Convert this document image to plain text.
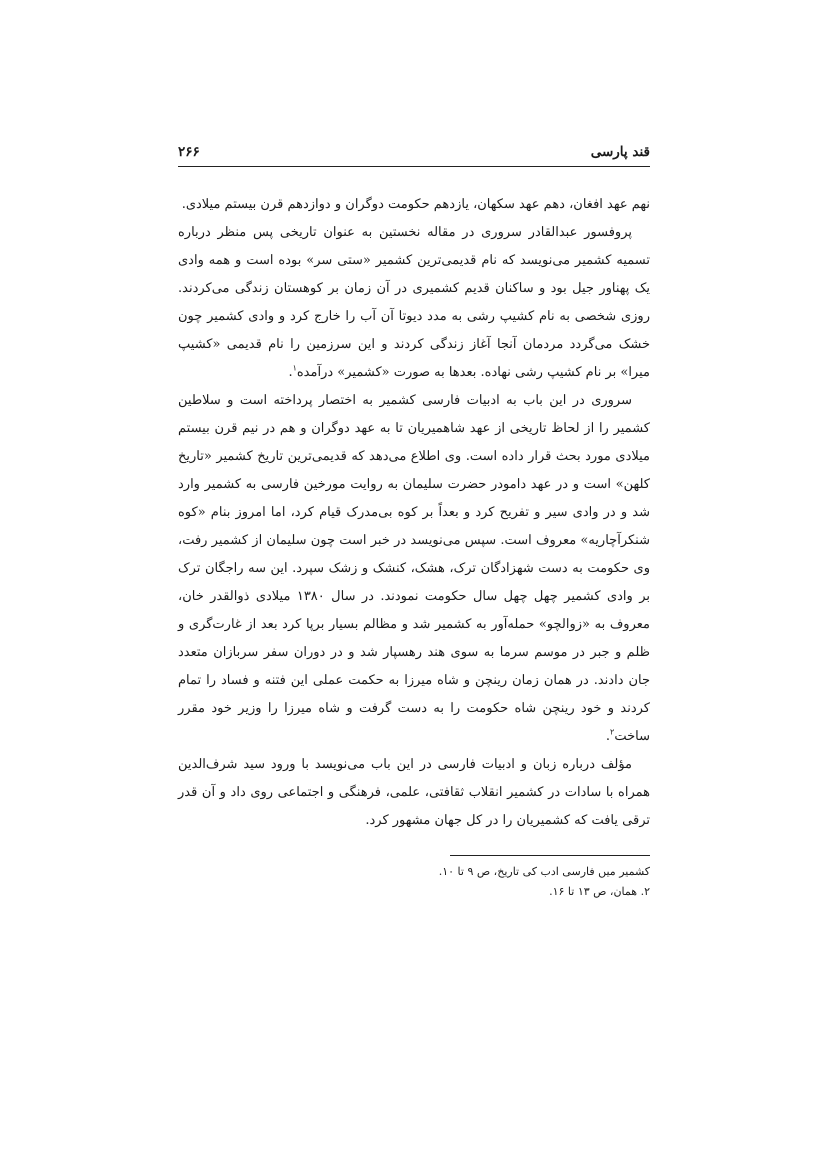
قند پارسی
۲۶۶

نهم عهد افغان، دهم عهد سکهان، یازدهم حکومت دوگران و دوازدهم قرن بیستم میلادی.

پروفسور عبدالقادر سروری در مقاله نخستین به عنوان تاریخی پس منظر درباره تسمیه کشمیر می‌نویسد که نام قدیمی‌ترین کشمیر «ستی سر» بوده است و همه وادی یک پهناور جیل بود و ساکنان قدیم کشمیری در آن زمان بر کوهستان زندگی می‌کردند. روزی شخصی به نام کشیپ رشی به مدد دیوتا آن آب را خارج کرد و وادی کشمیر چون خشک می‌گردد مردمان آنجا آغاز زندگی کردند و این سرزمین را نام قدیمی «کشیپ میرا» بر نام کشیپ رشی نهاده. بعدها به صورت «کشمیر» درآمده$^۱$.

سروری در این باب به ادبیات فارسی کشمیر به اختصار پرداخته است و سلاطین کشمیر را از لحاظ تاریخی از عهد شاهمیریان تا به عهد دوگران و هم در نیم قرن بیستم میلادی مورد بحث قرار داده است. وی اطلاع می‌دهد که قدیمی‌ترین تاریخ کشمیر «تاریخ کلهن» است و در عهد دامودر حضرت سلیمان به روایت مورخین فارسی به کشمیر وارد شد و در وادی سیر و تفریح کرد و بعداً بر کوه بی‌مدرک قیام کرد، اما امروز بنام «کوه شنکرآچاریه» معروف است. سپس می‌نویسد در خبر است چون سلیمان از کشمیر رفت، وی حکومت به دست شهزادگان ترک، هشک، کنشک و زشک سپرد. این سه راجگان ترک بر وادی کشمیر چهل چهل سال حکومت نمودند. در سال ۱۳۸۰ میلادی ذوالقدر خان، معروف به «زوالچو» حمله‌آور به کشمیر شد و مظالم بسیار برپا کرد بعد از غارت‌گری و ظلم و جبر در موسم سرما به سوی هند رهسپار شد و در دوران سفر سربازان متعدد جان دادند. در همان زمان رینچن و شاه میرزا به حکمت عملی این فتنه و فساد را تمام کردند و خود رینچن شاه حکومت را به دست گرفت و شاه میرزا را وزیر خود مقرر ساخت$^۲$.

مؤلف درباره زبان و ادبیات فارسی در این باب می‌نویسد با ورود سید شرف‌الدین همراه با سادات در کشمیر انقلاب ثقافتی، علمی، فرهنگی و اجتماعی روی داد و آن قدر ترقی یافت که کشمیریان را در کل جهان مشهور کرد.

کشمیر میں فارسی ادب کی تاریخ، ص ۹ تا ۱۰.
۲. همان، ص ۱۳ تا ۱۶.
